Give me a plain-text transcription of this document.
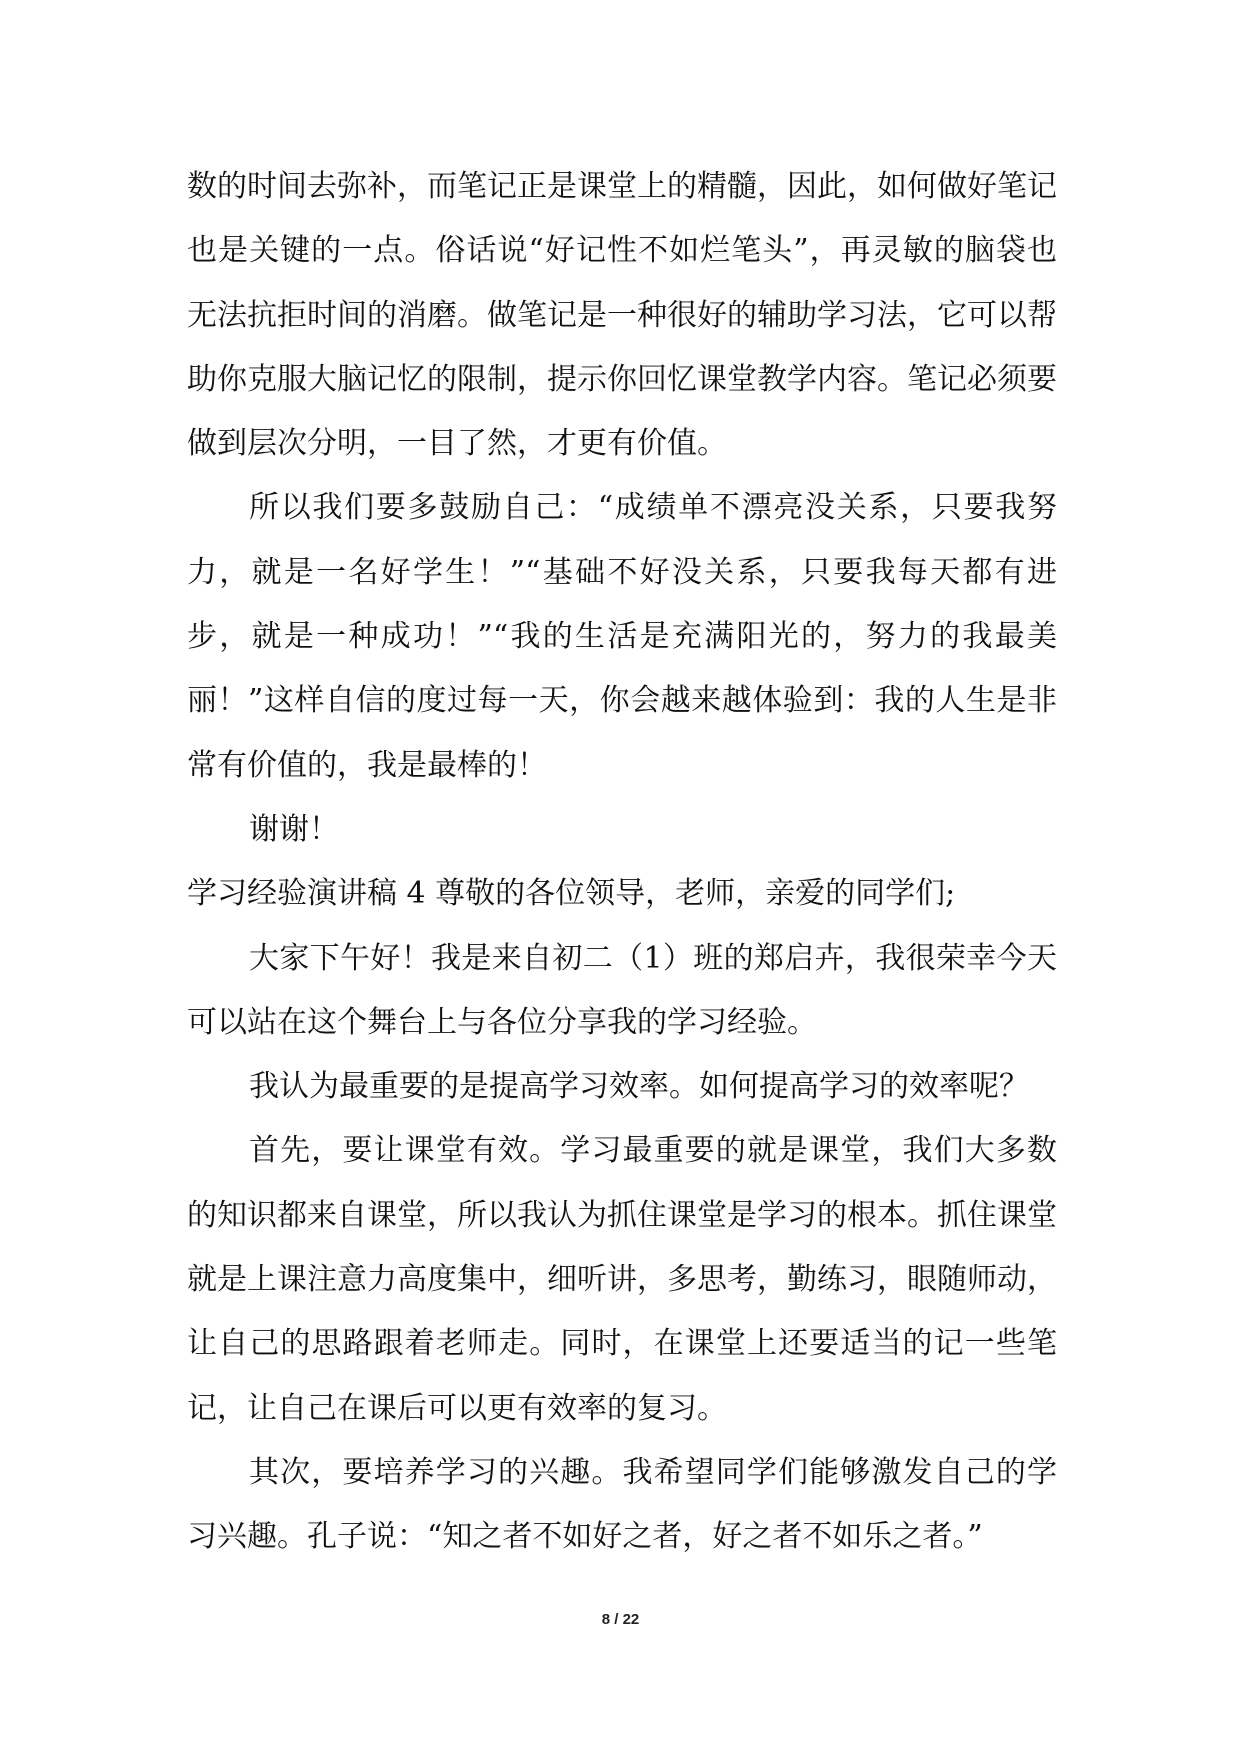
数的时间去弥补，而笔记正是课堂上的精髓，因此，如何做好笔记也是关键的一点。俗话说“好记性不如烂笔头”，再灵敏的脑袋也无法抗拒时间的消磨。做笔记是一种很好的辅助学习法，它可以帮助你克服大脑记忆的限制，提示你回忆课堂教学内容。笔记必须要做到层次分明，一目了然，才更有价值。

所以我们要多鼓励自己：“成绩单不漂亮没关系，只要我努力，就是一名好学生！”“基础不好没关系，只要我每天都有进步，就是一种成功！”“我的生活是充满阳光的，努力的我最美丽！”这样自信的度过每一天，你会越来越体验到：我的人生是非常有价值的，我是最棒的！

谢谢！

学习经验演讲稿 4 尊敬的各位领导，老师，亲爱的同学们;

大家下午好！我是来自初二（1）班的郑启卉，我很荣幸今天可以站在这个舞台上与各位分享我的学习经验。

我认为最重要的是提高学习效率。如何提高学习的效率呢？

首先，要让课堂有效。学习最重要的就是课堂，我们大多数的知识都来自课堂，所以我认为抓住课堂是学习的根本。抓住课堂就是上课注意力高度集中，细听讲，多思考，勤练习，眼随师动，让自己的思路跟着老师走。同时，在课堂上还要适当的记一些笔记，让自己在课后可以更有效率的复习。

其次，要培养学习的兴趣。我希望同学们能够激发自己的学习兴趣。孔子说：“知之者不如好之者，好之者不如乐之者。”

8 / 22
